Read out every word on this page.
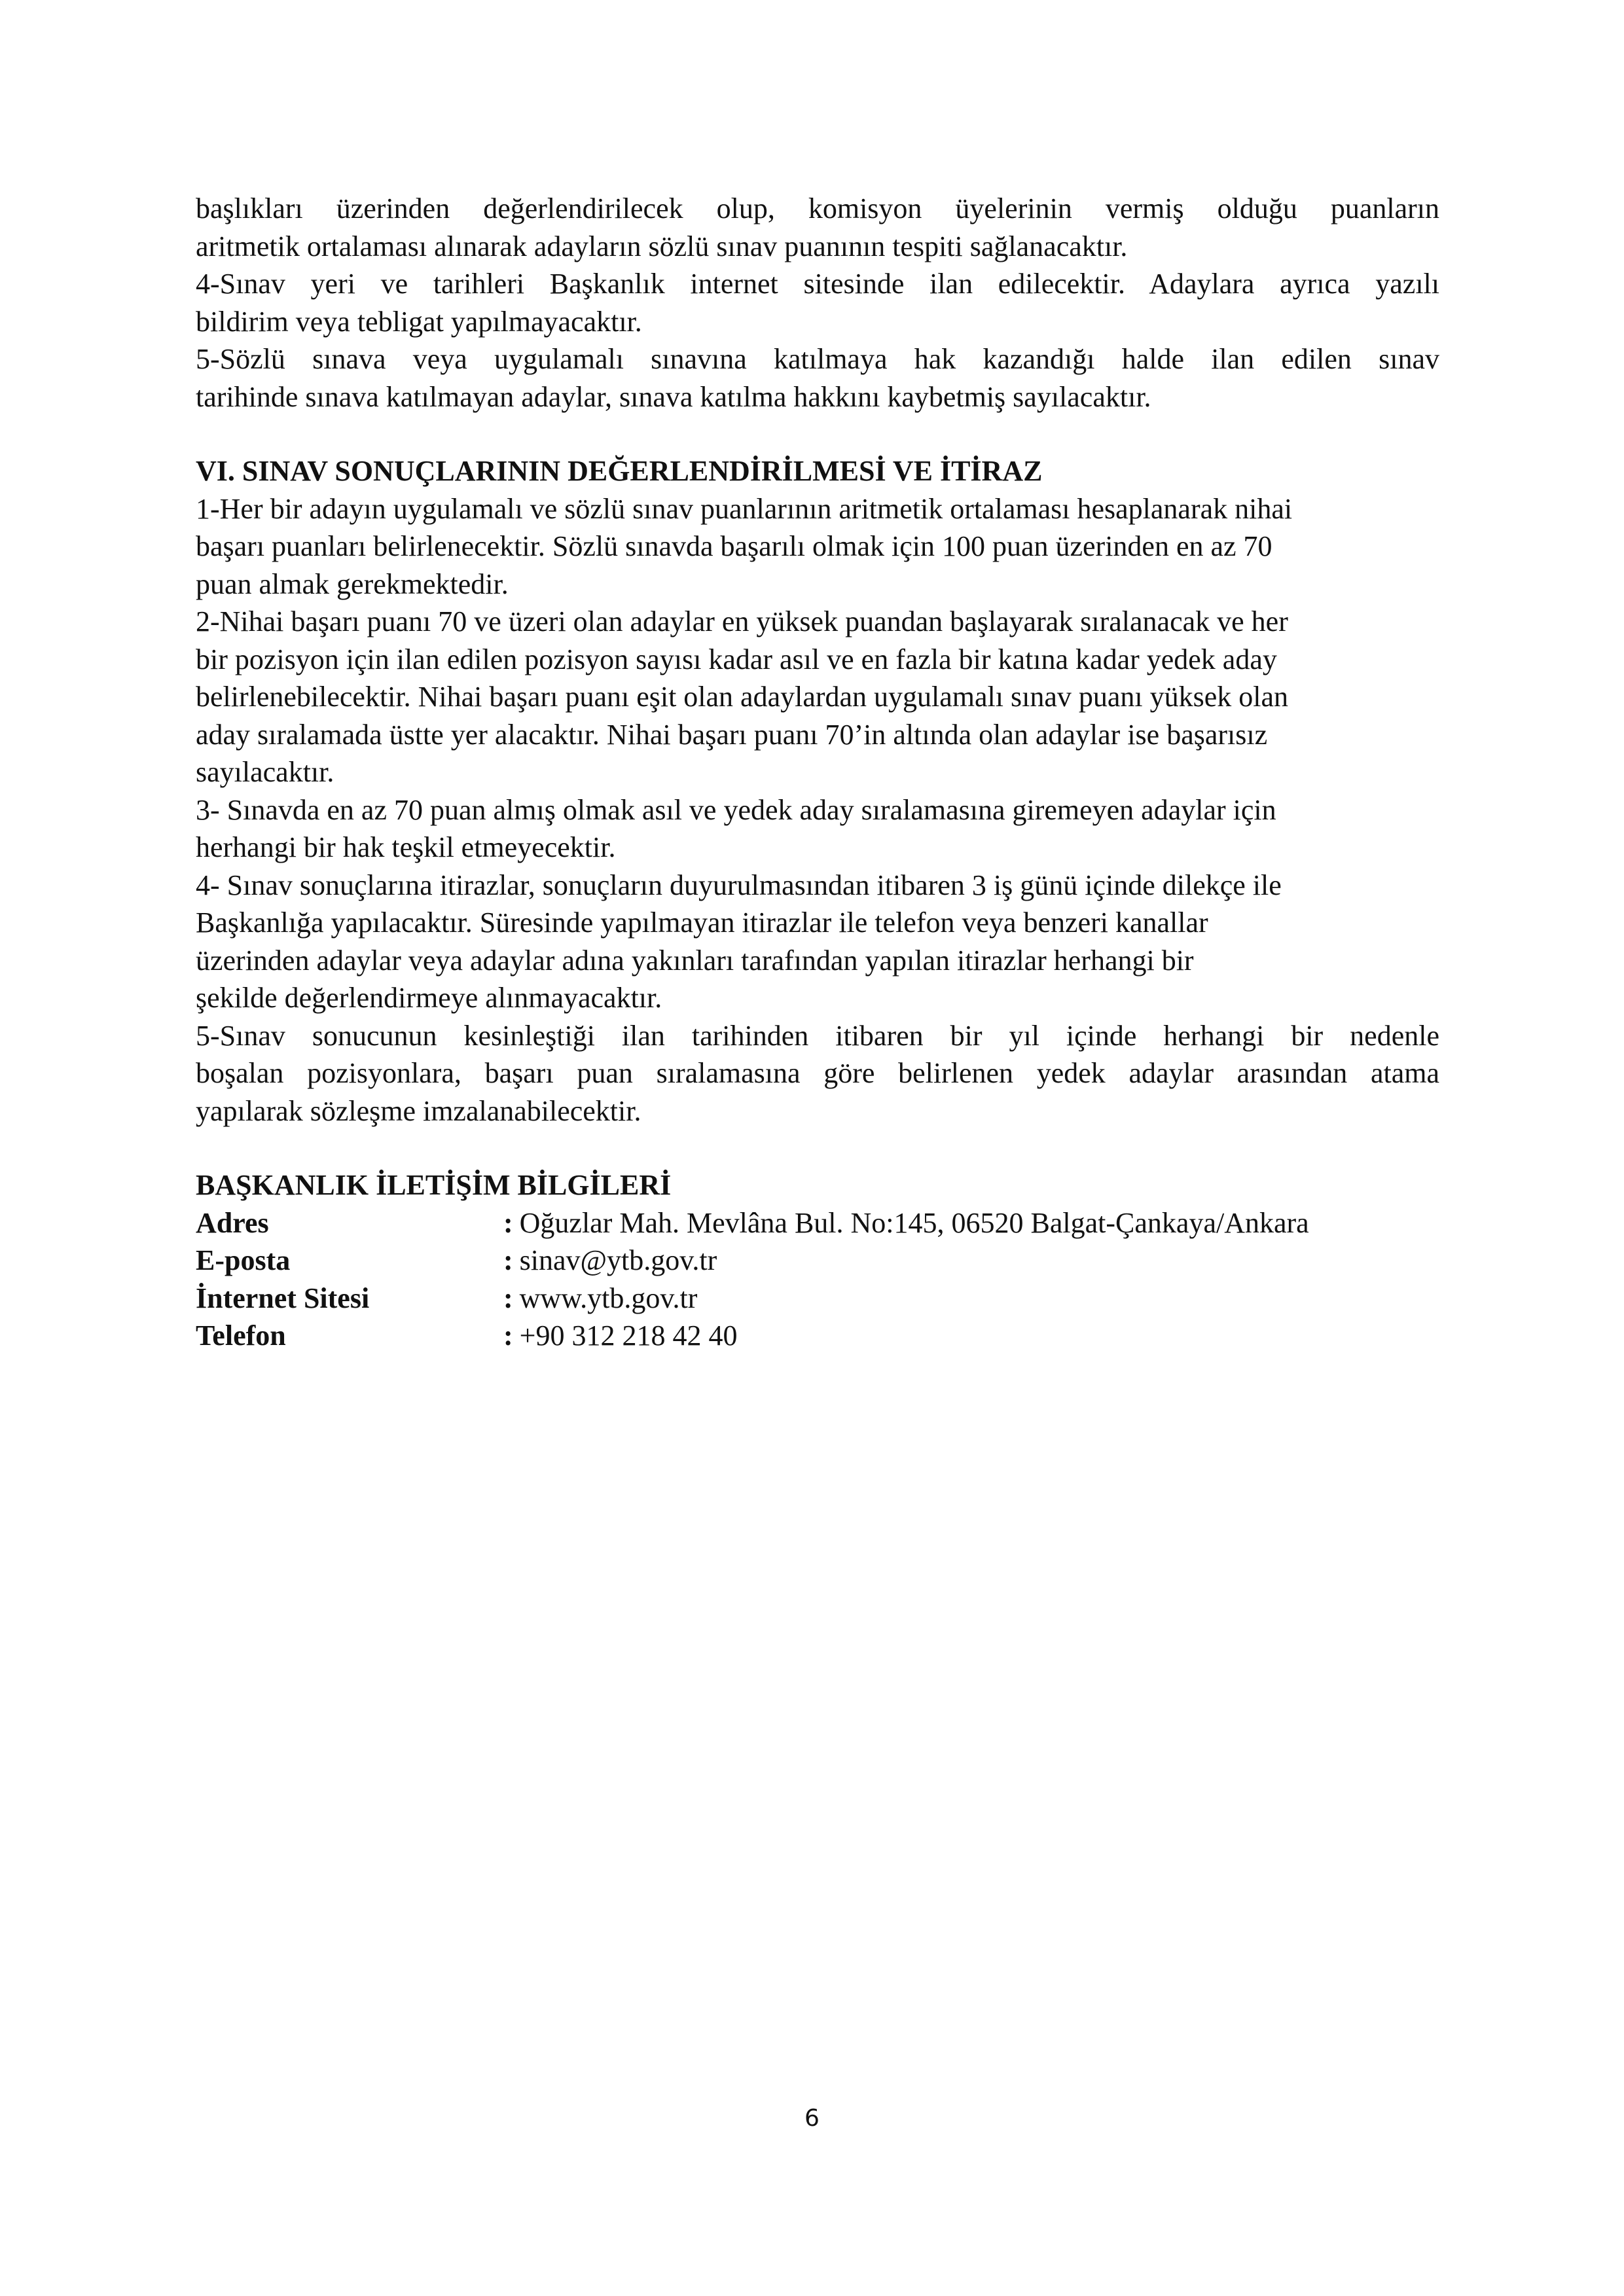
başlıkları üzerinden değerlendirilecek olup, komisyon üyelerinin vermiş olduğu puanların

aritmetik ortalaması alınarak adayların sözlü sınav puanının tespiti sağlanacaktır.

4-Sınav yeri ve tarihleri Başkanlık internet sitesinde ilan edilecektir. Adaylara ayrıca yazılı

bildirim veya tebligat yapılmayacaktır.

5-Sözlü sınava veya uygulamalı sınavına katılmaya hak kazandığı halde ilan edilen sınav

tarihinde sınava katılmayan adaylar, sınava katılma hakkını kaybetmiş sayılacaktır.

VI. SINAV SONUÇLARININ DEĞERLENDİRİLMESİ VE İTİRAZ

1-Her bir adayın uygulamalı ve sözlü sınav puanlarının aritmetik ortalaması hesaplanarak nihai

başarı puanları belirlenecektir. Sözlü sınavda başarılı olmak için 100 puan üzerinden en az 70

puan almak gerekmektedir.

2-Nihai başarı puanı 70 ve üzeri olan adaylar en yüksek puandan başlayarak sıralanacak ve her

bir pozisyon için ilan edilen pozisyon sayısı kadar asıl ve en fazla bir katına kadar yedek aday

belirlenebilecektir. Nihai başarı puanı eşit olan adaylardan uygulamalı sınav puanı yüksek olan

aday sıralamada üstte yer alacaktır. Nihai başarı puanı 70’in altında olan adaylar ise başarısız

sayılacaktır.

3- Sınavda en az 70 puan almış olmak asıl ve yedek aday sıralamasına giremeyen adaylar için

herhangi bir hak teşkil etmeyecektir.

4- Sınav sonuçlarına itirazlar, sonuçların duyurulmasından itibaren 3 iş günü içinde dilekçe ile

Başkanlığa yapılacaktır. Süresinde yapılmayan itirazlar ile telefon veya benzeri kanallar

üzerinden adaylar veya adaylar adına yakınları tarafından yapılan itirazlar herhangi bir

şekilde değerlendirmeye alınmayacaktır.

5-Sınav sonucunun kesinleştiği ilan tarihinden itibaren bir yıl içinde herhangi bir nedenle

boşalan pozisyonlara, başarı puan sıralamasına göre belirlenen yedek adaylar arasından atama

yapılarak sözleşme imzalanabilecektir.

BAŞKANLIK İLETİŞİM BİLGİLERİ

Adres	: Oğuzlar Mah. Mevlâna Bul. No:145, 06520 Balgat-Çankaya/Ankara
E-posta	: sinav@ytb.gov.tr
İnternet Sitesi	: www.ytb.gov.tr
Telefon	: +90 312 218 42 40
6
